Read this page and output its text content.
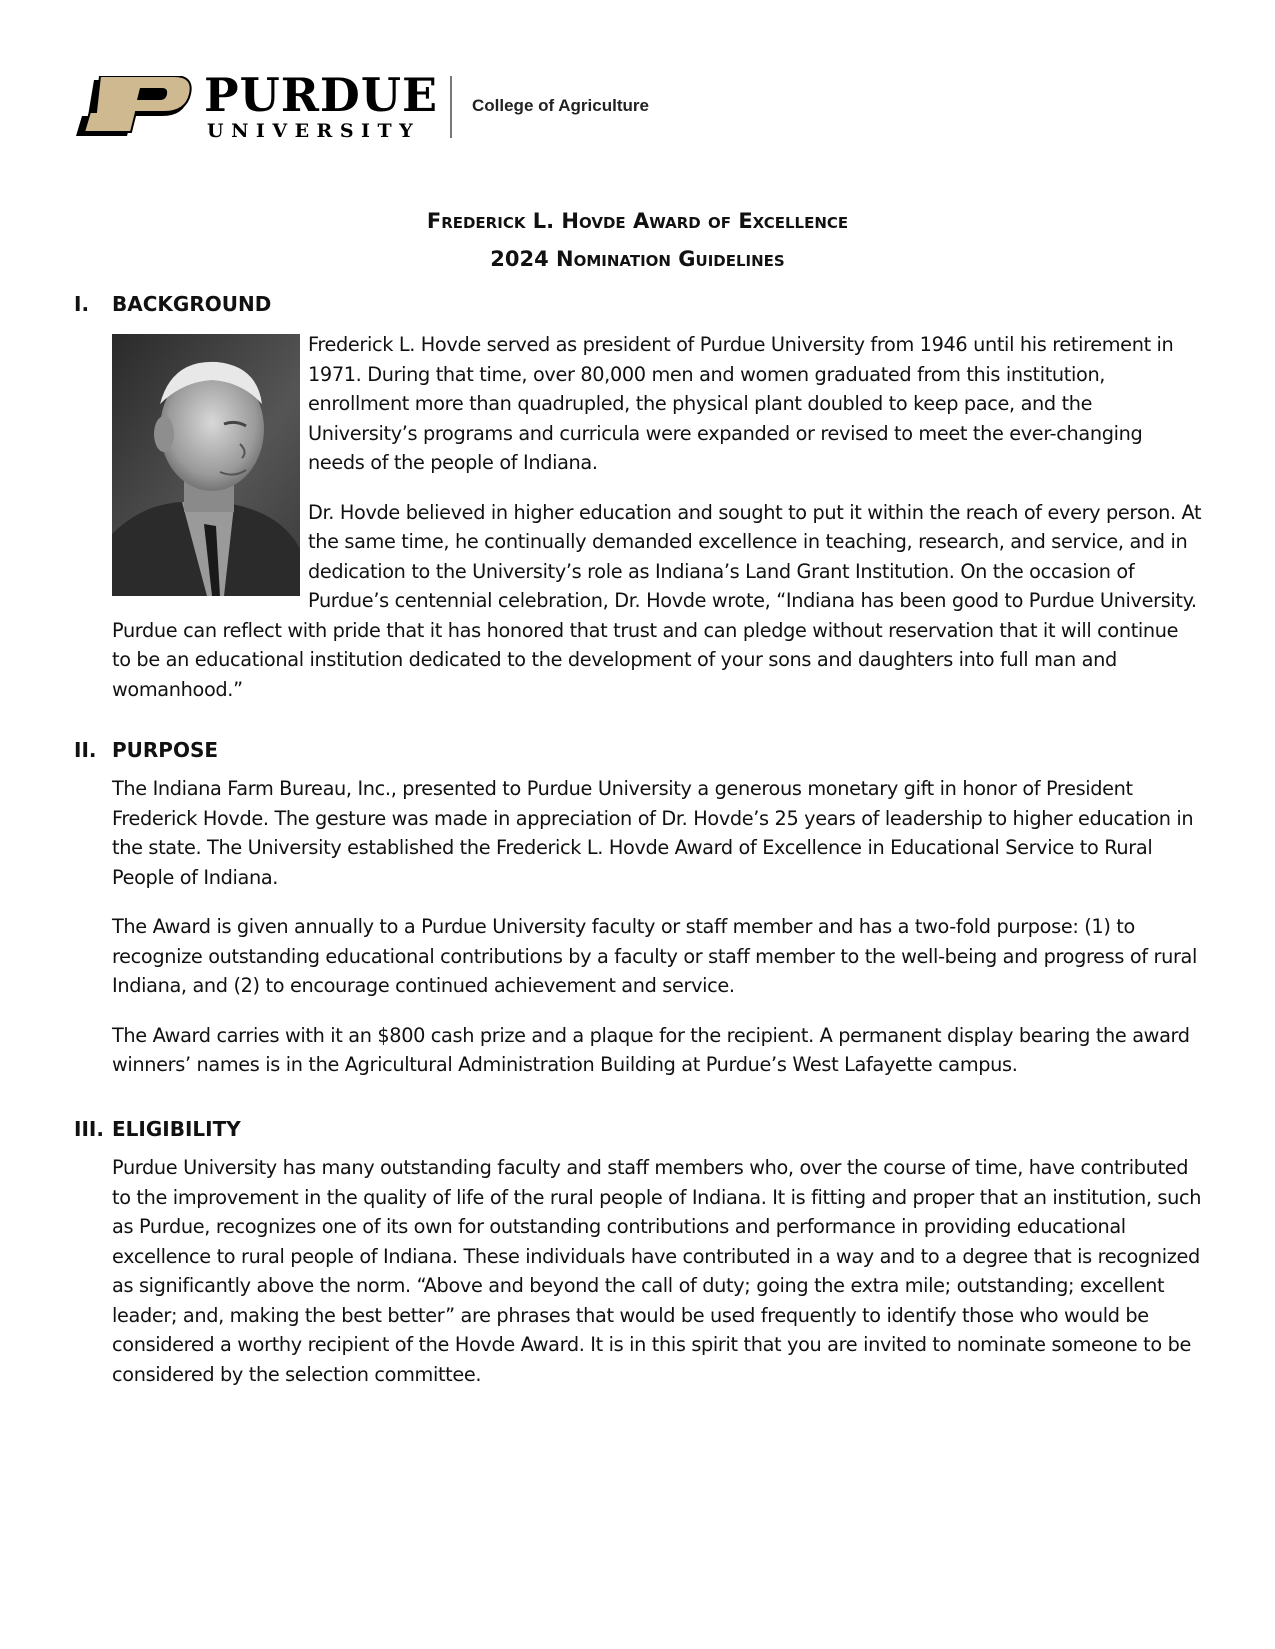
PURDUE
UNIVERSITY
College of Agriculture
Frederick L. Hovde Award of Excellence
2024 Nomination Guidelines
I. BACKGROUND

Frederick L. Hovde served as president of Purdue University from 1946 until his retirement in 1971. During that time, over 80,000 men and women graduated from this institution, enrollment more than quadrupled, the physical plant doubled to keep pace, and the University’s programs and curricula were expanded or revised to meet the ever-changing needs of the people of Indiana.

Dr. Hovde believed in higher education and sought to put it within the reach of every person. At the same time, he continually demanded excellence in teaching, research, and service, and in dedication to the University’s role as Indiana’s Land Grant Institution. On the occasion of Purdue’s centennial celebration, Dr. Hovde wrote, “Indiana has been good to Purdue University. Purdue can reflect with pride that it has honored that trust and can pledge without reservation that it will continue to be an educational institution dedicated to the development of your sons and daughters into full man and womanhood.”

II. PURPOSE

The Indiana Farm Bureau, Inc., presented to Purdue University a generous monetary gift in honor of President Frederick Hovde. The gesture was made in appreciation of Dr. Hovde’s 25 years of leadership to higher education in the state. The University established the Frederick L. Hovde Award of Excellence in Educational Service to Rural People of Indiana.

The Award is given annually to a Purdue University faculty or staff member and has a two-fold purpose: (1) to recognize outstanding educational contributions by a faculty or staff member to the well-being and progress of rural Indiana, and (2) to encourage continued achievement and service.

The Award carries with it an $800 cash prize and a plaque for the recipient. A permanent display bearing the award winners’ names is in the Agricultural Administration Building at Purdue’s West Lafayette campus.

III. ELIGIBILITY

Purdue University has many outstanding faculty and staff members who, over the course of time, have contributed to the improvement in the quality of life of the rural people of Indiana. It is fitting and proper that an institution, such as Purdue, recognizes one of its own for outstanding contributions and performance in providing educational excellence to rural people of Indiana. These individuals have contributed in a way and to a degree that is recognized as significantly above the norm. “Above and beyond the call of duty; going the extra mile; outstanding; excellent leader; and, making the best better” are phrases that would be used frequently to identify those who would be considered a worthy recipient of the Hovde Award. It is in this spirit that you are invited to nominate someone to be considered by the selection committee.
